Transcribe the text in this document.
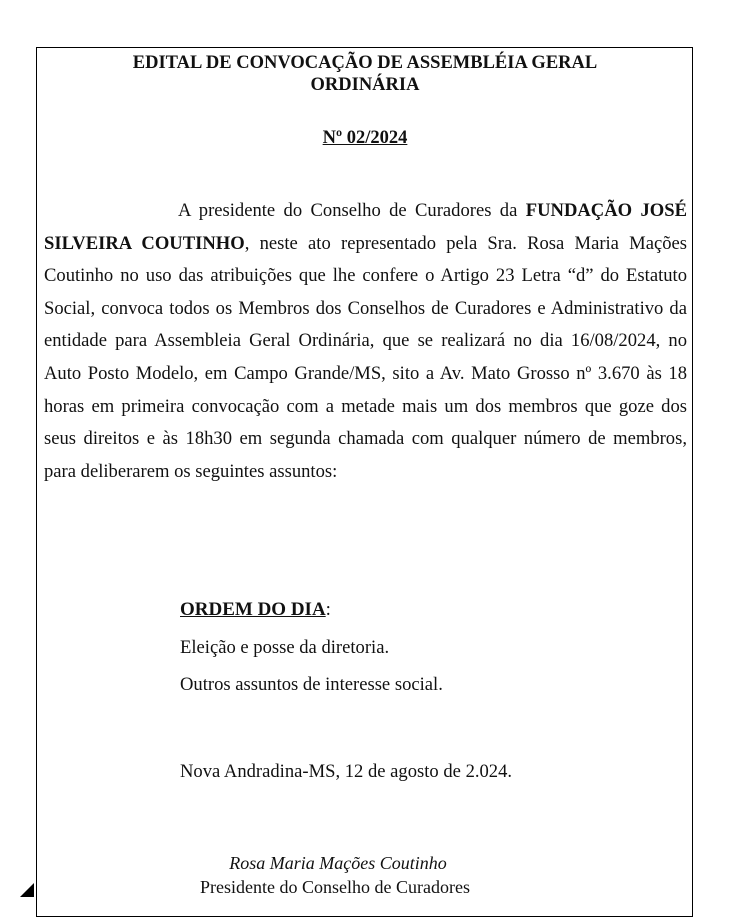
EDITAL DE CONVOCAÇÃO DE ASSEMBLÉIA GERAL
ORDINÁRIA
Nº 02/2024

A presidente do Conselho de Curadores da FUNDAÇÃO JOSÉ SILVEIRA COUTINHO, neste ato representado pela Sra. Rosa Maria Mações Coutinho no uso das atribuições que lhe confere o Artigo 23 Letra “d” do Estatuto Social, convoca todos os Membros dos Conselhos de Curadores e Administrativo da entidade para Assembleia Geral Ordinária, que se realizará no dia 16/08/2024, no Auto Posto Modelo, em Campo Grande/MS, sito a Av. Mato Grosso nº 3.670 às 18 horas em primeira convocação com a metade mais um dos membros que goze dos seus direitos e às 18h30 em segunda chamada com qualquer número de membros, para deliberarem os seguintes assuntos:

ORDEM DO DIA:

Eleição e posse da diretoria.

Outros assuntos de interesse social.

Nova Andradina-MS, 12 de agosto de 2.024.

Rosa Maria Mações Coutinho

Presidente do Conselho de Curadores
